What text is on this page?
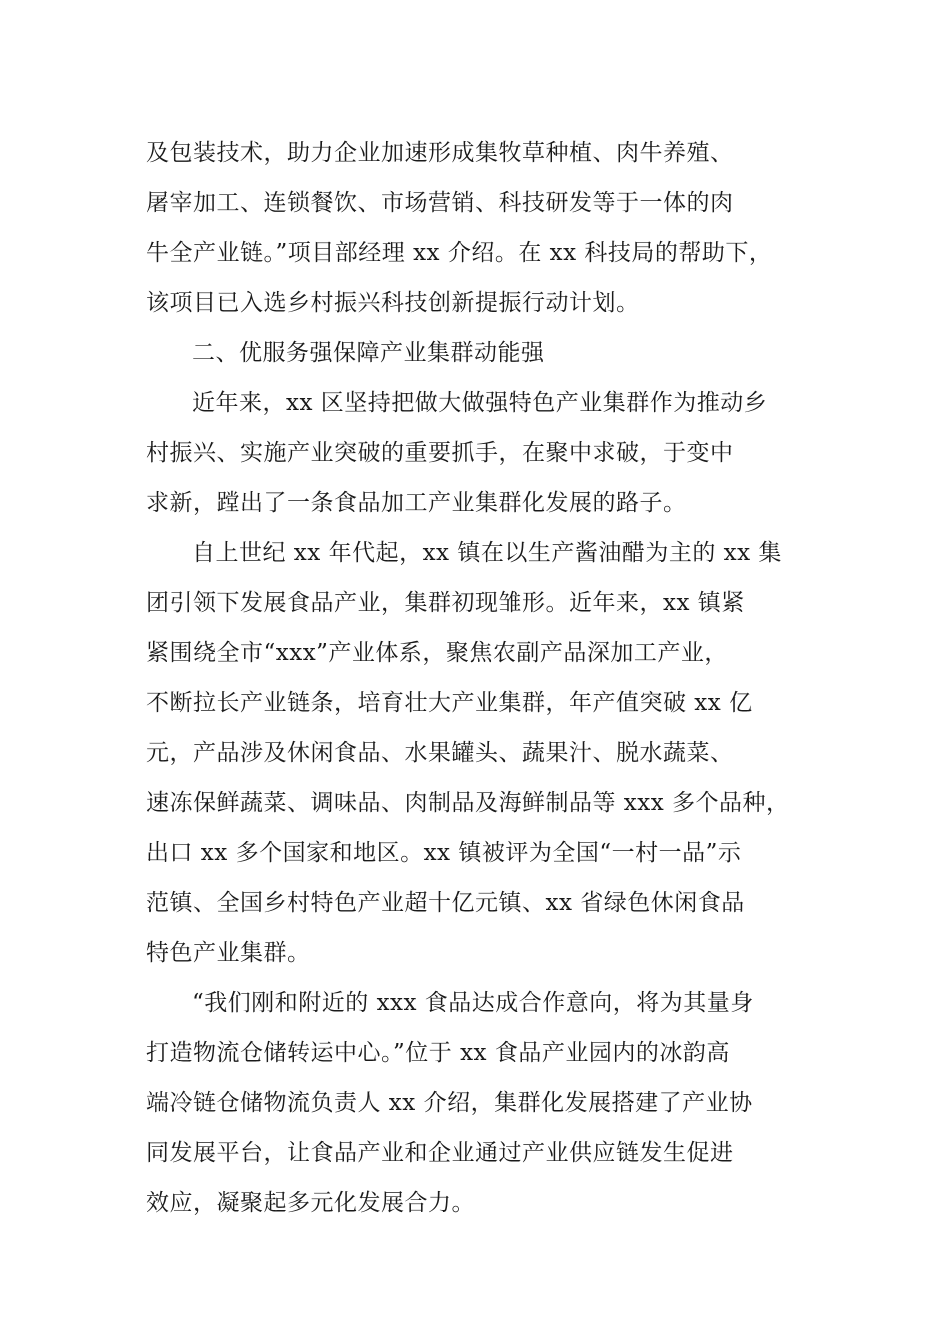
及包装技术，助力企业加速形成集牧草种植、肉牛养殖、
屠宰加工、连锁餐饮、市场营销、科技研发等于一体的肉
牛全产业链。”项目部经理 xx 介绍。在 xx 科技局的帮助下，
该项目已入选乡村振兴科技创新提振行动计划。
二、优服务强保障产业集群动能强
近年来，xx 区坚持把做大做强特色产业集群作为推动乡
村振兴、实施产业突破的重要抓手，在聚中求破，于变中
求新，蹚出了一条食品加工产业集群化发展的路子。
自上世纪 xx 年代起，xx 镇在以生产酱油醋为主的 xx 集
团引领下发展食品产业，集群初现雏形。近年来，xx 镇紧
紧围绕全市“xxx”产业体系，聚焦农副产品深加工产业，
不断拉长产业链条，培育壮大产业集群，年产值突破 xx 亿
元，产品涉及休闲食品、水果罐头、蔬果汁、脱水蔬菜、
速冻保鲜蔬菜、调味品、肉制品及海鲜制品等 xxx 多个品种，
出口 xx 多个国家和地区。xx 镇被评为全国“一村一品”示
范镇、全国乡村特色产业超十亿元镇、xx 省绿色休闲食品
特色产业集群。
“我们刚和附近的 xxx 食品达成合作意向，将为其量身
打造物流仓储转运中心。”位于 xx 食品产业园内的冰韵高
端冷链仓储物流负责人 xx 介绍，集群化发展搭建了产业协
同发展平台，让食品产业和企业通过产业供应链发生促进
效应，凝聚起多元化发展合力。
